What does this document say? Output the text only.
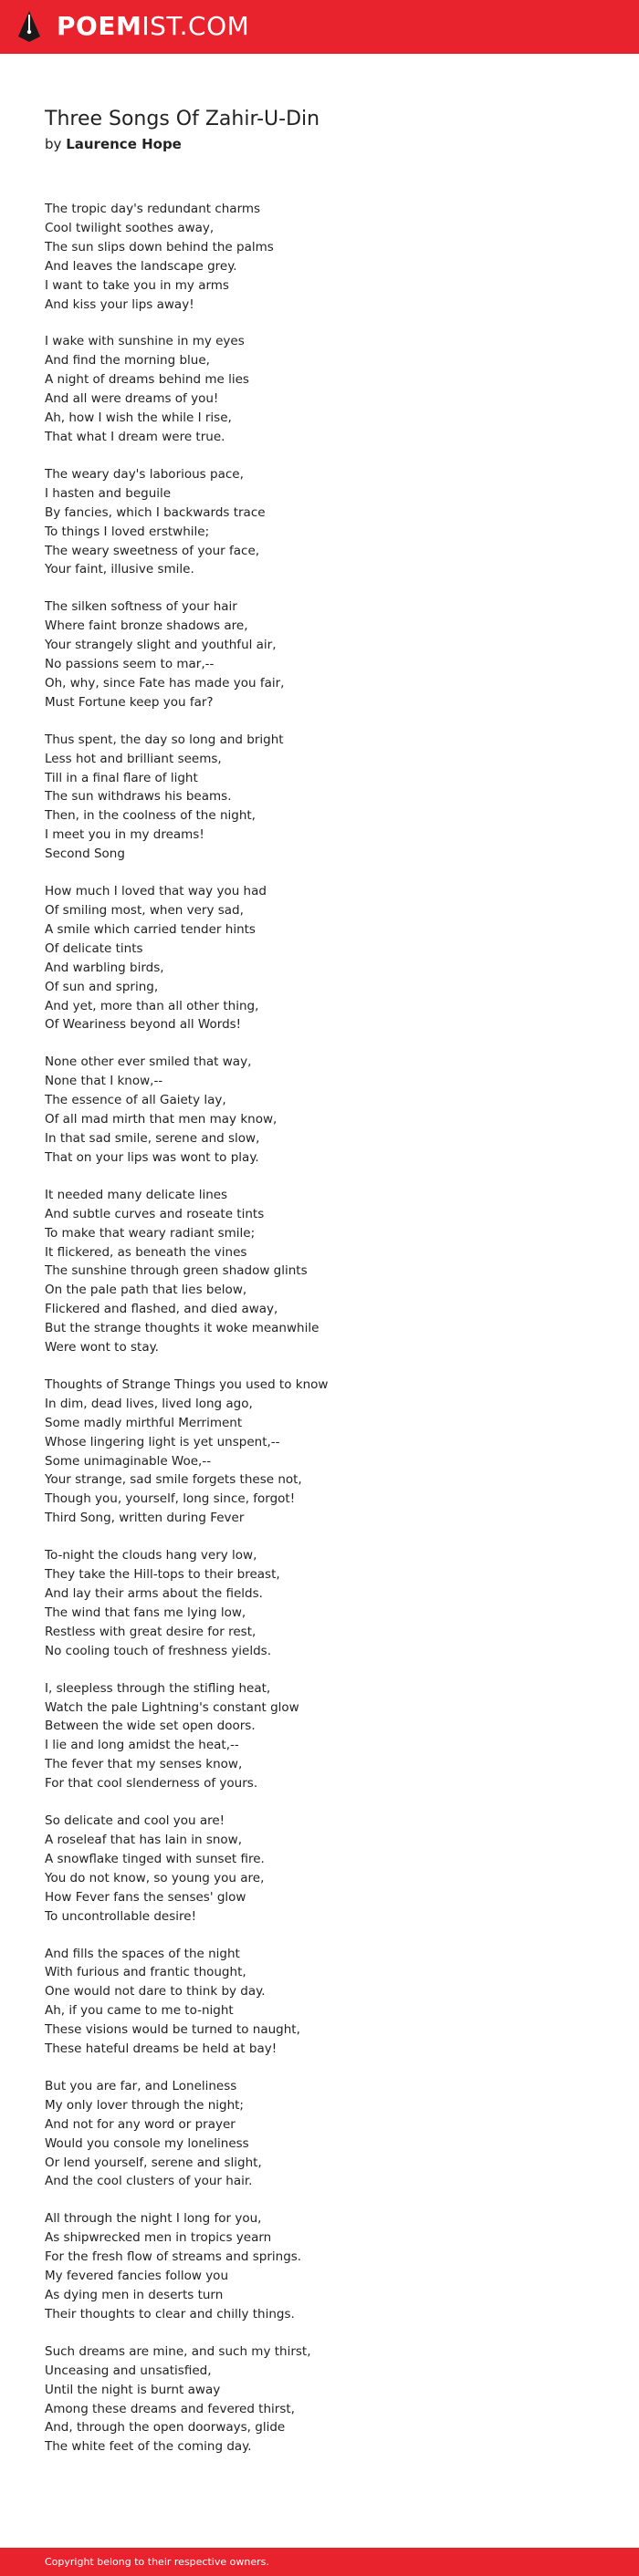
POEMIST.COM
Three Songs Of Zahir-U-Din
by Laurence Hope

The tropic day's redundant charms
Cool twilight soothes away,
The sun slips down behind the palms
And leaves the landscape grey.
I want to take you in my arms
And kiss your lips away!

I wake with sunshine in my eyes
And find the morning blue,
A night of dreams behind me lies
And all were dreams of you!
Ah, how I wish the while I rise,
That what I dream were true.

The weary day's laborious pace,
I hasten and beguile
By fancies, which I backwards trace
To things I loved erstwhile;
The weary sweetness of your face,
Your faint, illusive smile.

The silken softness of your hair
Where faint bronze shadows are,
Your strangely slight and youthful air,
No passions seem to mar,--
Oh, why, since Fate has made you fair,
Must Fortune keep you far?

Thus spent, the day so long and bright
Less hot and brilliant seems,
Till in a final flare of light
The sun withdraws his beams.
Then, in the coolness of the night,
I meet you in my dreams!
Second Song

How much I loved that way you had
Of smiling most, when very sad,
A smile which carried tender hints
Of delicate tints
And warbling birds,
Of sun and spring,
And yet, more than all other thing,
Of Weariness beyond all Words!

None other ever smiled that way,
None that I know,--
The essence of all Gaiety lay,
Of all mad mirth that men may know,
In that sad smile, serene and slow,
That on your lips was wont to play.

It needed many delicate lines
And subtle curves and roseate tints
To make that weary radiant smile;
It flickered, as beneath the vines
The sunshine through green shadow glints
On the pale path that lies below,
Flickered and flashed, and died away,
But the strange thoughts it woke meanwhile
Were wont to stay.

Thoughts of Strange Things you used to know
In dim, dead lives, lived long ago,
Some madly mirthful Merriment
Whose lingering light is yet unspent,--
Some unimaginable Woe,--
Your strange, sad smile forgets these not,
Though you, yourself, long since, forgot!
Third Song, written during Fever

To-night the clouds hang very low,
They take the Hill-tops to their breast,
And lay their arms about the fields.
The wind that fans me lying low,
Restless with great desire for rest,
No cooling touch of freshness yields.

I, sleepless through the stifling heat,
Watch the pale Lightning's constant glow
Between the wide set open doors.
I lie and long amidst the heat,--
The fever that my senses know,
For that cool slenderness of yours.

So delicate and cool you are!
A roseleaf that has lain in snow,
A snowflake tinged with sunset fire.
You do not know, so young you are,
How Fever fans the senses' glow
To uncontrollable desire!

And fills the spaces of the night
With furious and frantic thought,
One would not dare to think by day.
Ah, if you came to me to-night
These visions would be turned to naught,
These hateful dreams be held at bay!

But you are far, and Loneliness
My only lover through the night;
And not for any word or prayer
Would you console my loneliness
Or lend yourself, serene and slight,
And the cool clusters of your hair.

All through the night I long for you,
As shipwrecked men in tropics yearn
For the fresh flow of streams and springs.
My fevered fancies follow you
As dying men in deserts turn
Their thoughts to clear and chilly things.

Such dreams are mine, and such my thirst,
Unceasing and unsatisfied,
Until the night is burnt away
Among these dreams and fevered thirst,
And, through the open doorways, glide
The white feet of the coming day.

Copyright belong to their respective owners.
